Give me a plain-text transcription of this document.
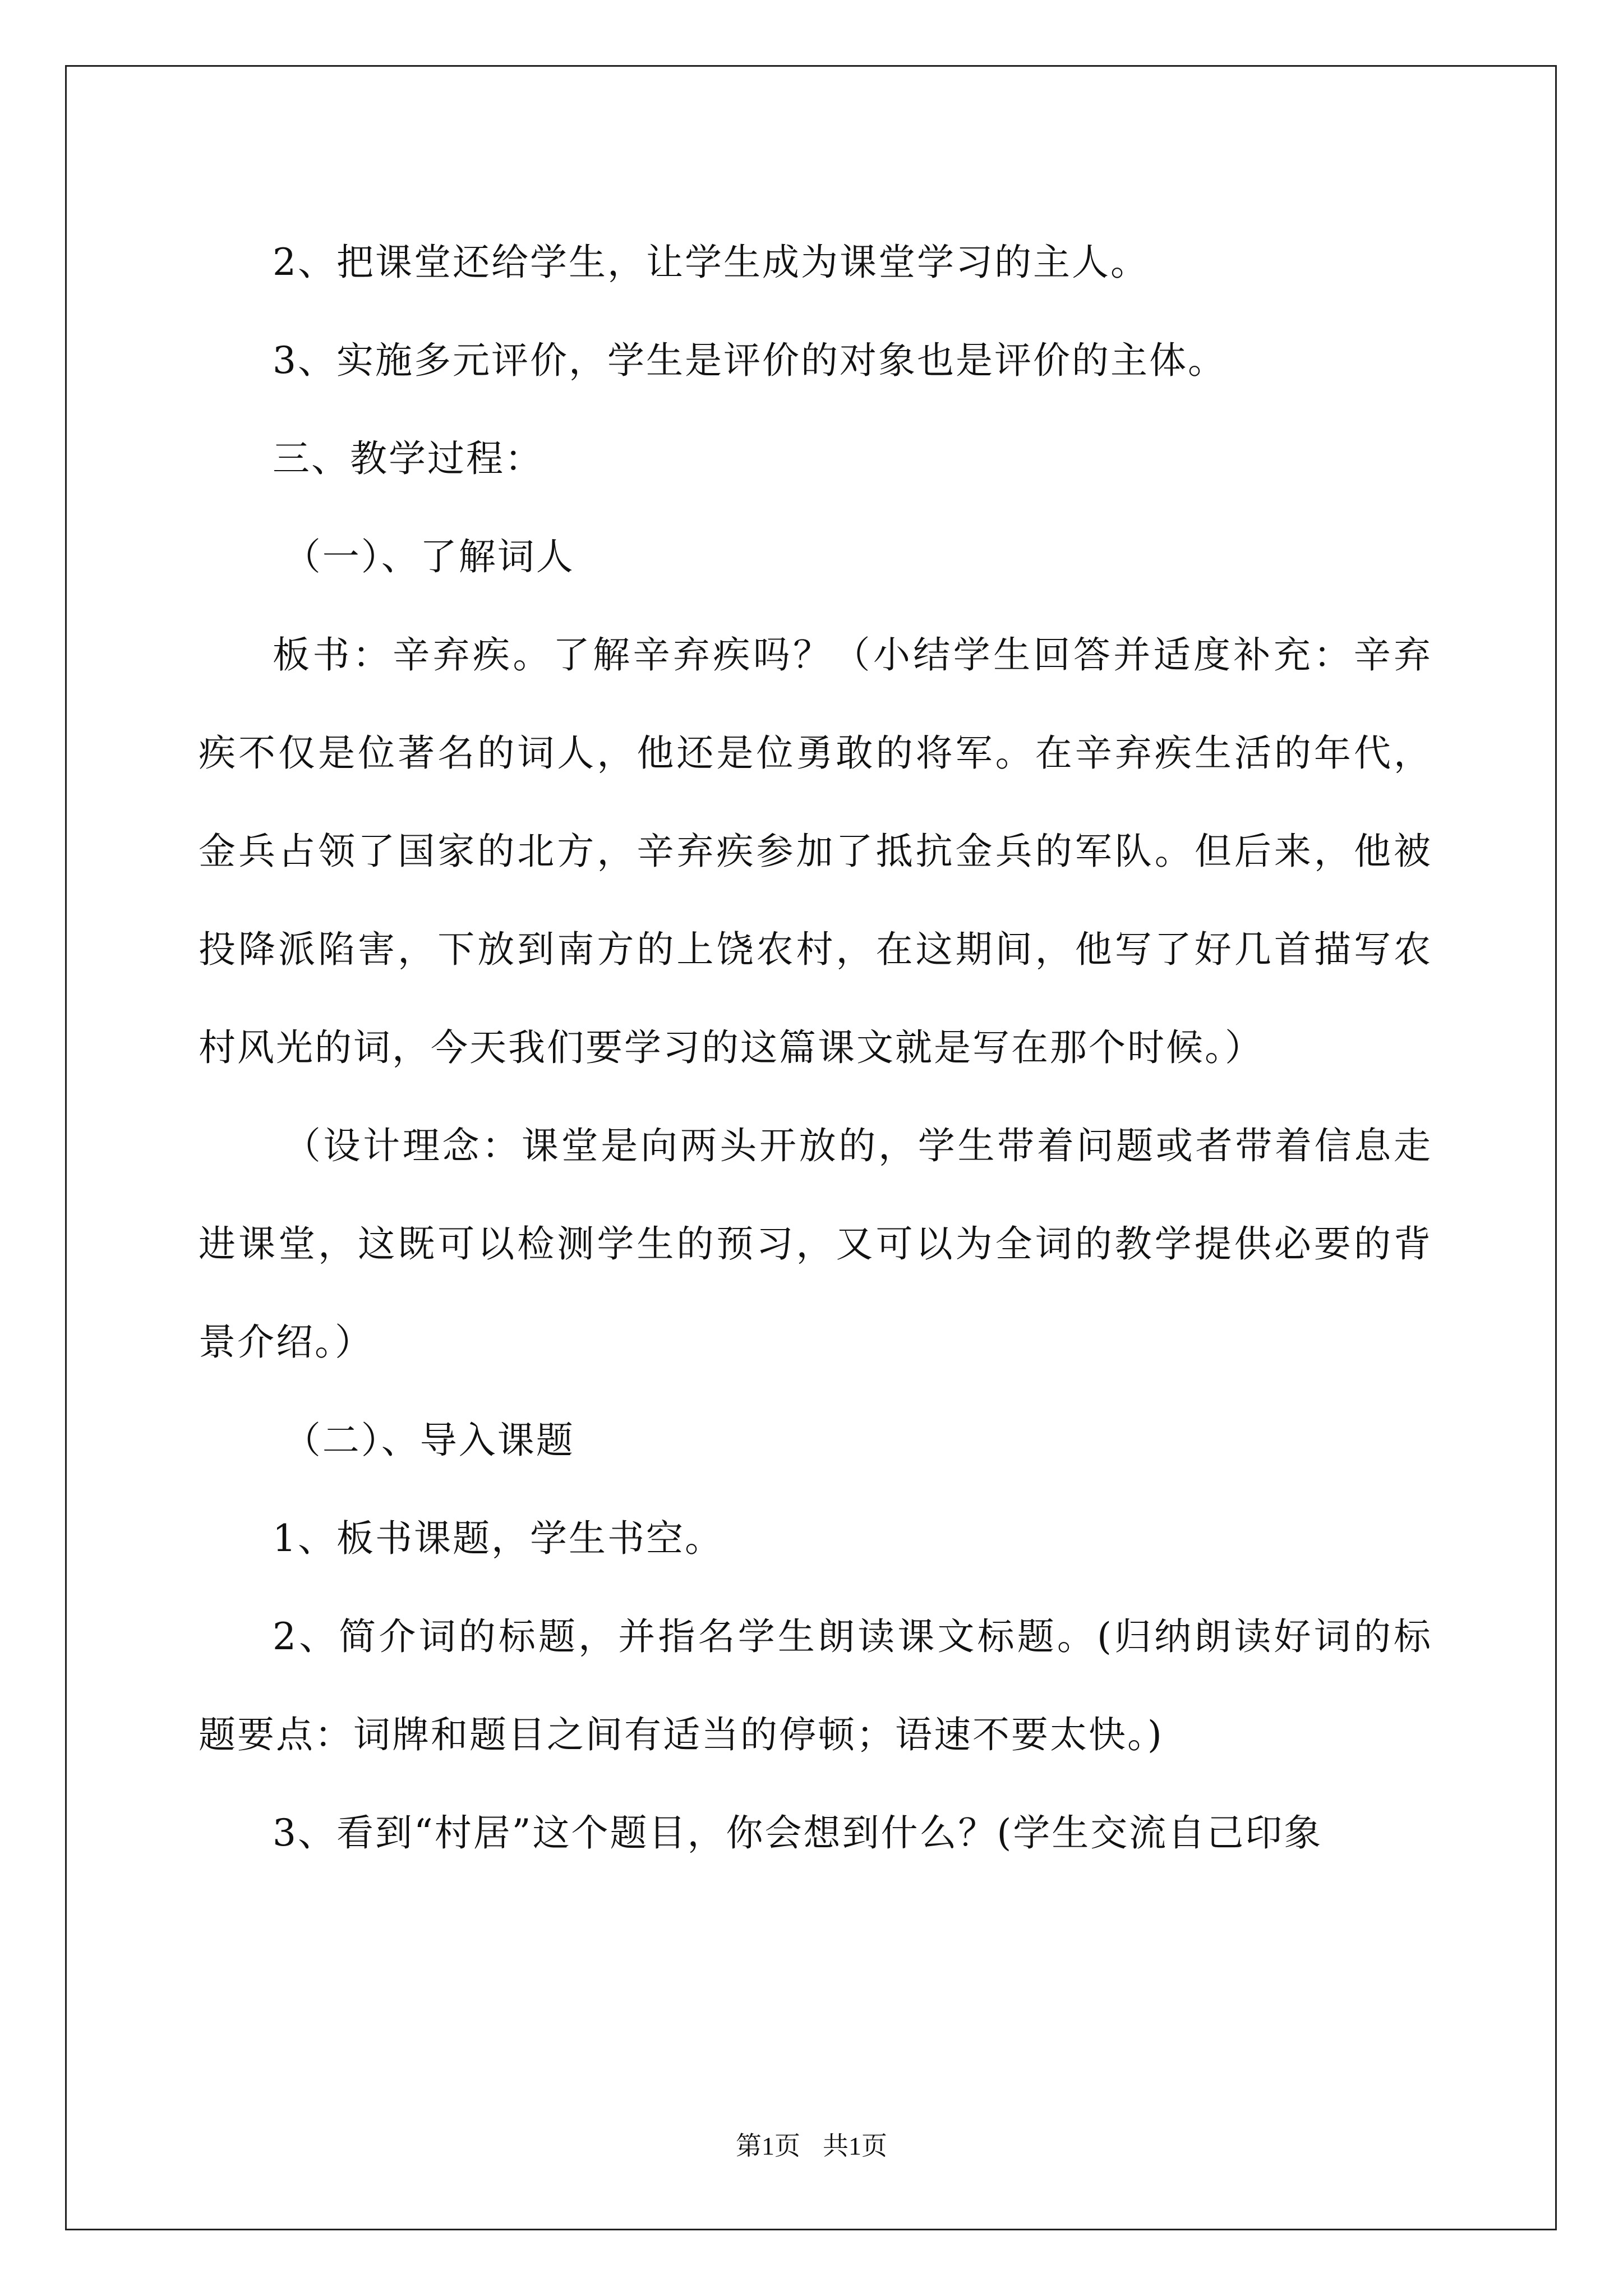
2、把课堂还给学生，让学生成为课堂学习的主人。

3、实施多元评价，学生是评价的对象也是评价的主体。

三、教学过程：

（一）、了解词人

板书：辛弃疾。了解辛弃疾吗？（小结学生回答并适度补充：辛弃疾不仅是位著名的词人，他还是位勇敢的将军。在辛弃疾生活的年代，金兵占领了国家的北方，辛弃疾参加了抵抗金兵的军队。但后来，他被投降派陷害，下放到南方的上饶农村，在这期间，他写了好几首描写农村风光的词，今天我们要学习的这篇课文就是写在那个时候。）

（设计理念：课堂是向两头开放的，学生带着问题或者带着信息走进课堂，这既可以检测学生的预习，又可以为全词的教学提供必要的背景介绍。）

（二）、导入课题

1、板书课题，学生书空。

2、简介词的标题，并指名学生朗读课文标题。(归纳朗读好词的标题要点：词牌和题目之间有适当的停顿；语速不要太快。)

3、看到“村居”这个题目，你会想到什么？(学生交流自己印象

第1页 共1页
